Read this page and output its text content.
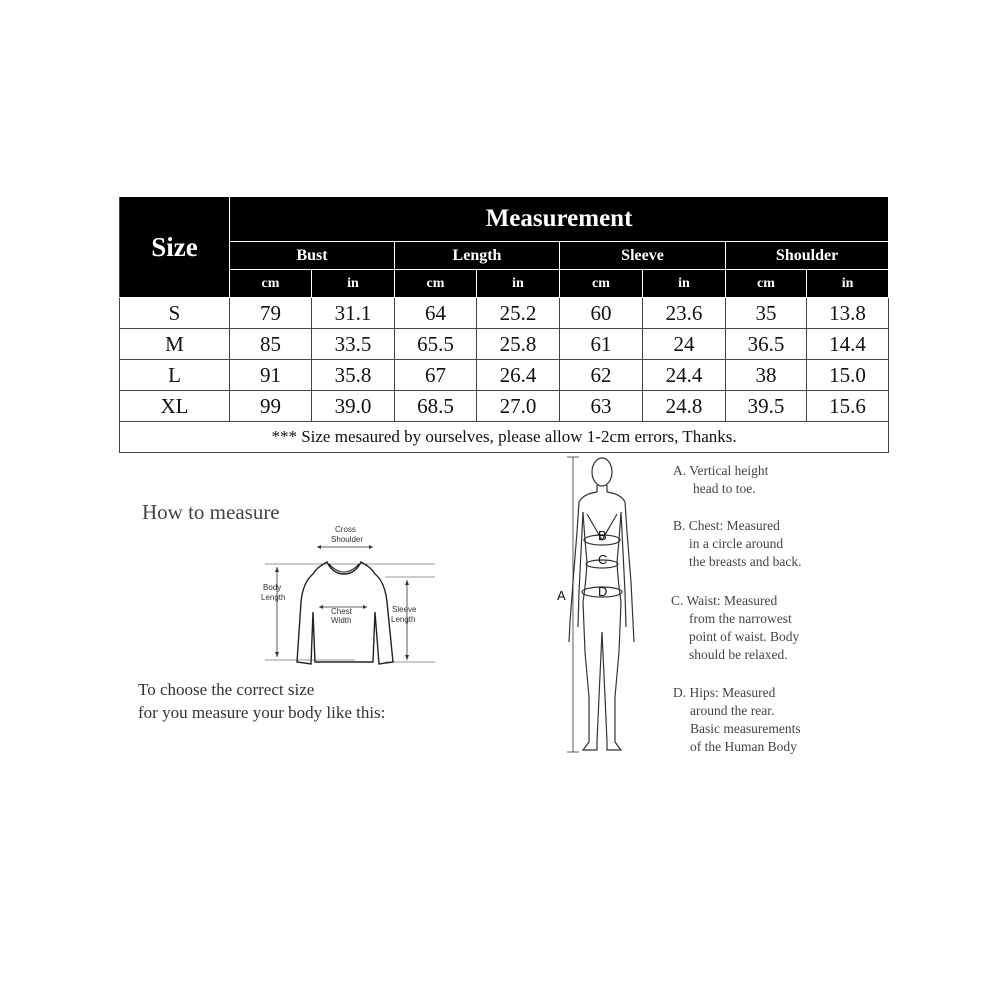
Size	Measurement							
	Bust		Length		Sleeve		Shoulder	
	cm	in	cm	in	cm	in	cm	in
S	79	31.1	64	25.2	60	23.6	35	13.8
M	85	33.5	65.5	25.8	61	24	36.5	14.4
L	91	35.8	67	26.4	62	24.4	38	15.0
XL	99	39.0	68.5	27.0	63	24.8	39.5	15.6
*** Size mesaured by ourselves, please allow 1-2cm errors, Thanks.								
How to measure
Cross
Shoulder
Body
Length
Chest
Width
Sleeve
Length
To choose the correct size
for you measure your body like this:
A
B
C
D
A. Vertical height
head to toe.
B. Chest: Measured
in a circle around
the breasts and back.
C. Waist: Measured
from the narrowest
point of waist. Body
should be relaxed.
D. Hips: Measured
around the rear.
Basic measurements
of the Human Body
